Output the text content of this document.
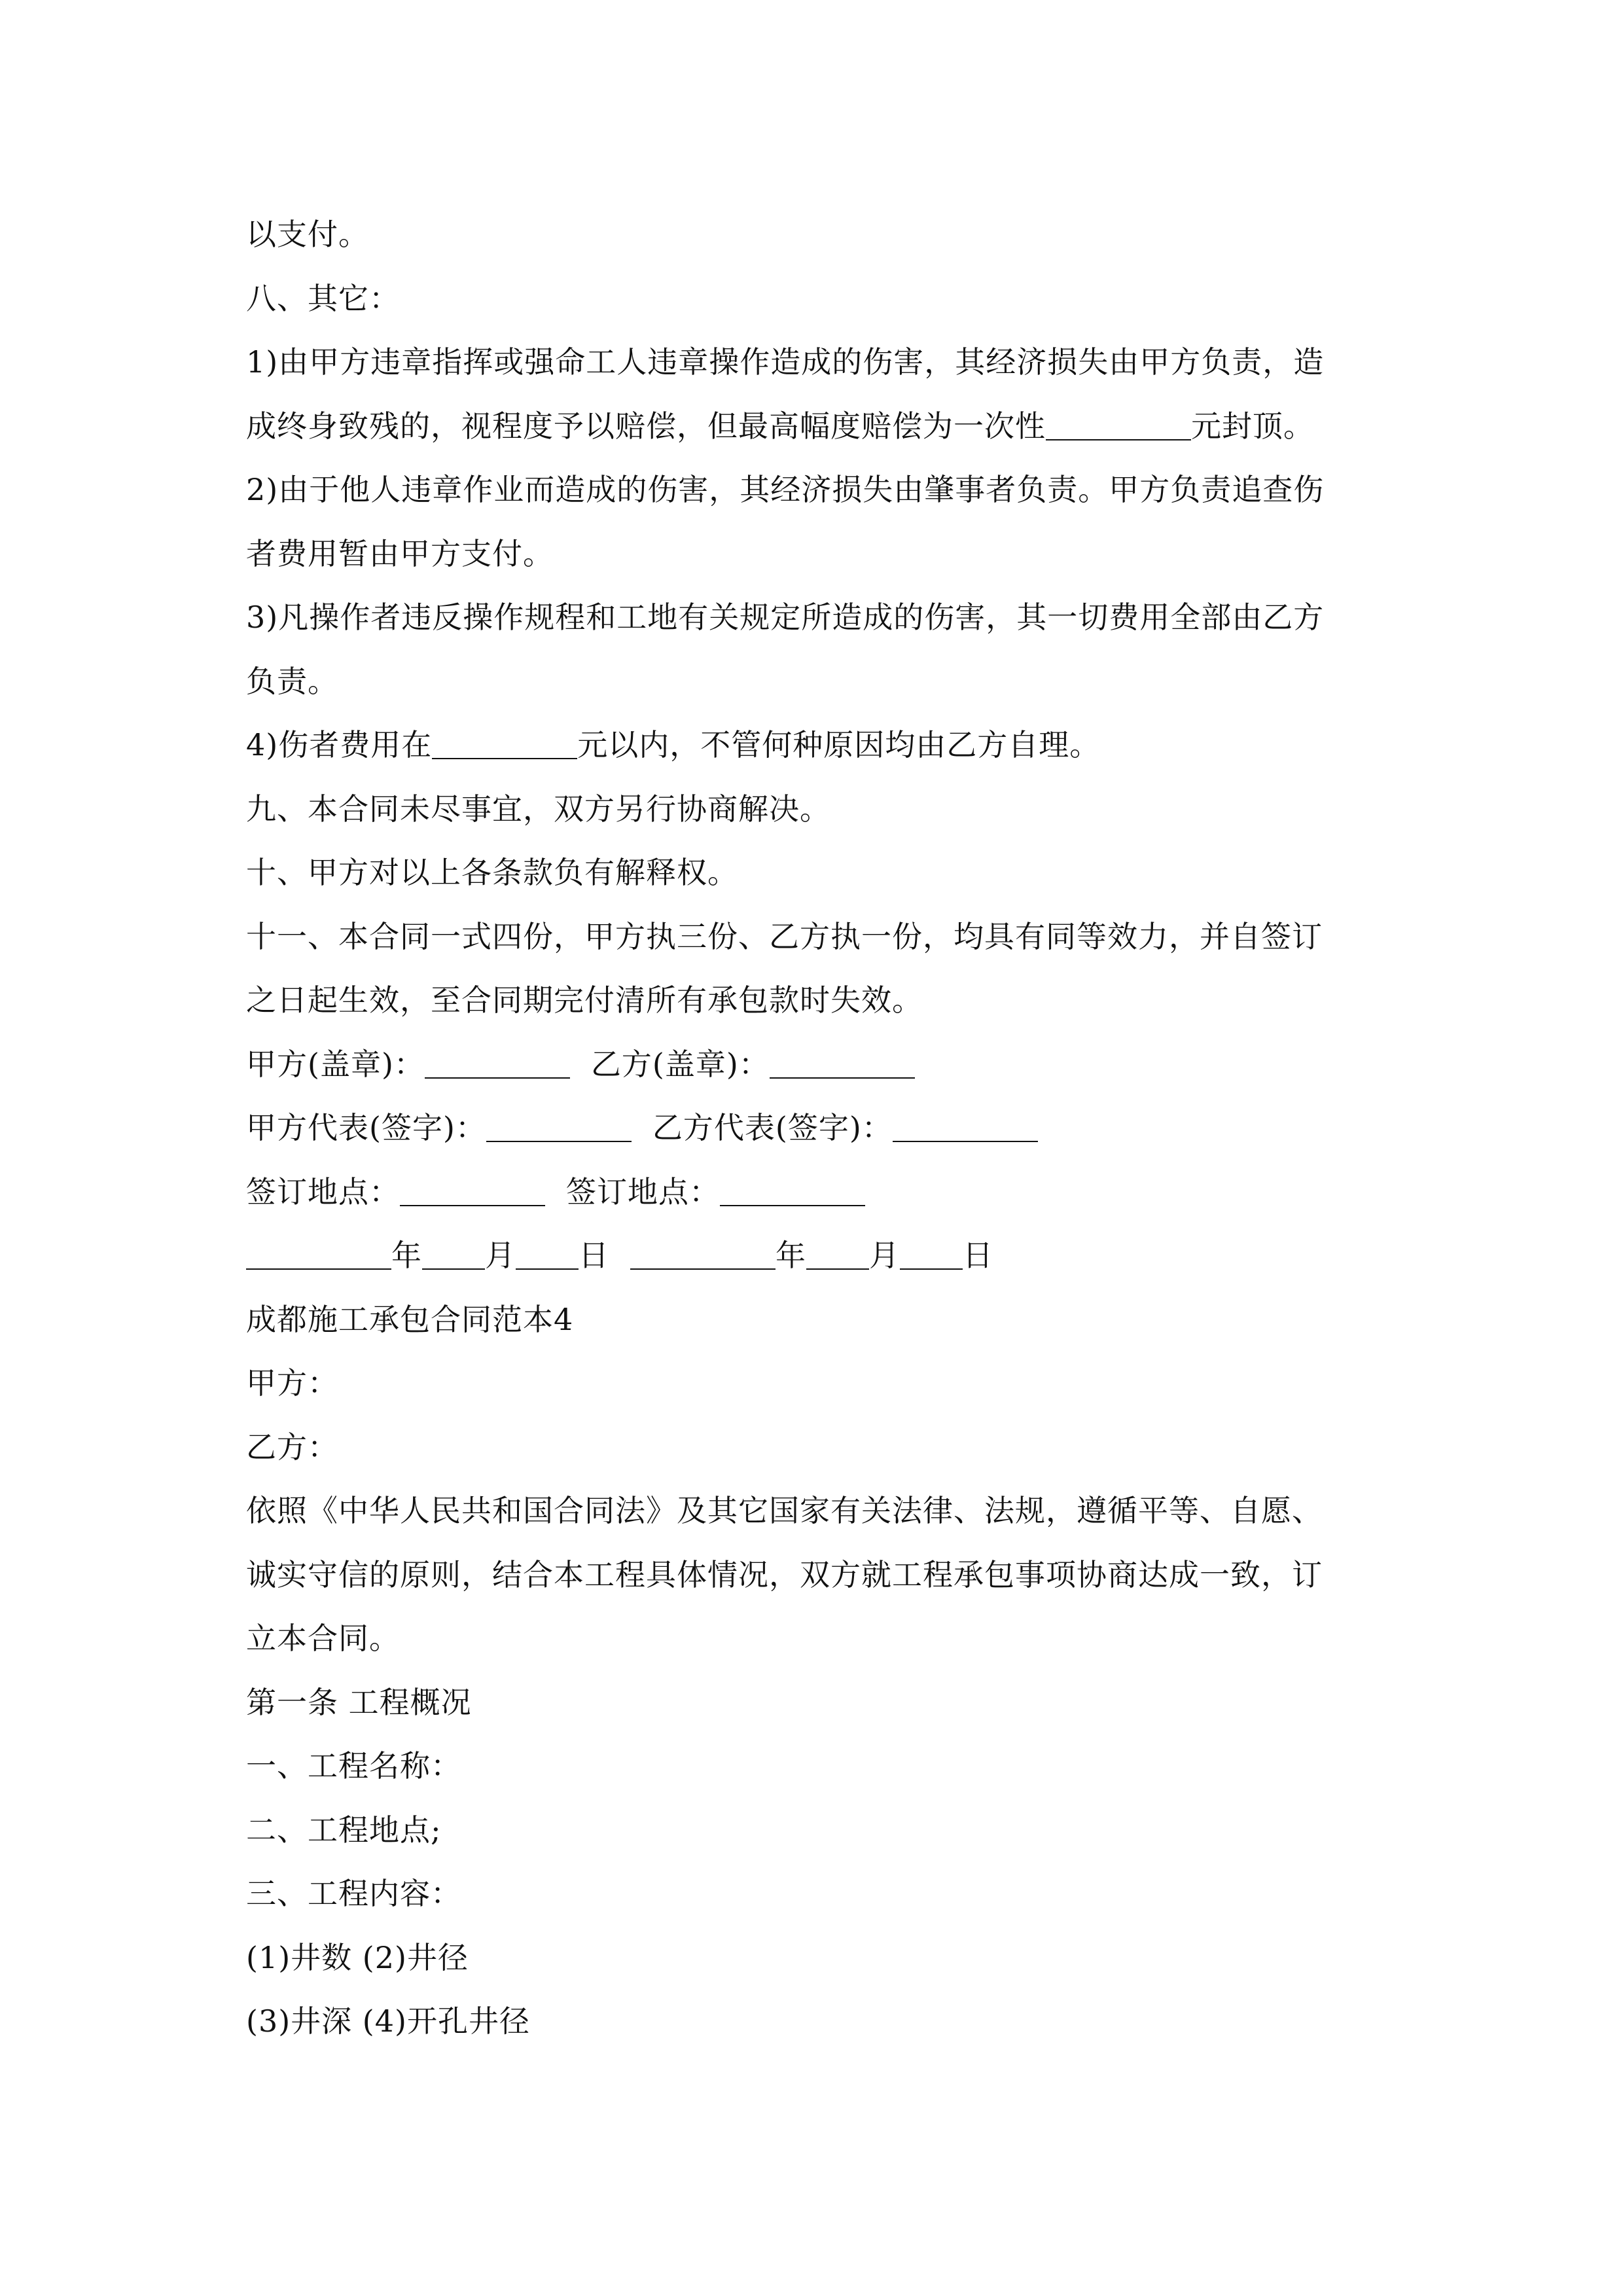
以支付。
八、其它：
1)由甲方违章指挥或强命工人违章操作造成的伤害，其经济损失由甲方负责，造
成终身致残的，视程度予以赔偿，但最高幅度赔偿为一次性	元封顶。
2)由于他人违章作业而造成的伤害，其经济损失由肇事者负责。甲方负责追查伤
者费用暂由甲方支付。
3)凡操作者违反操作规程和工地有关规定所造成的伤害，其一切费用全部由乙方
负责。
4)伤者费用在	元以内，不管何种原因均由乙方自理。
九、本合同未尽事宜，双方另行协商解决。
十、甲方对以上各条款负有解释权。
十一、本合同一式四份，甲方执三份、乙方执一份，均具有同等效力，并自签订
之日起生效，至合同期完付清所有承包款时失效。
甲方(盖章)：	乙方(盖章)：
甲方代表(签字)：	乙方代表(签字)：
签订地点：	签订地点：
年 月 日	年 月 日
成都施工承包合同范本4
甲方：
乙方：
依照《中华人民共和国合同法》及其它国家有关法律、法规，遵循平等、自愿、
诚实守信的原则，结合本工程具体情况，双方就工程承包事项协商达成一致，订
立本合同。
第一条 工程概况
一、工程名称：
二、工程地点;
三、工程内容：
(1)井数 (2)井径
(3)井深 (4)开孔井径
